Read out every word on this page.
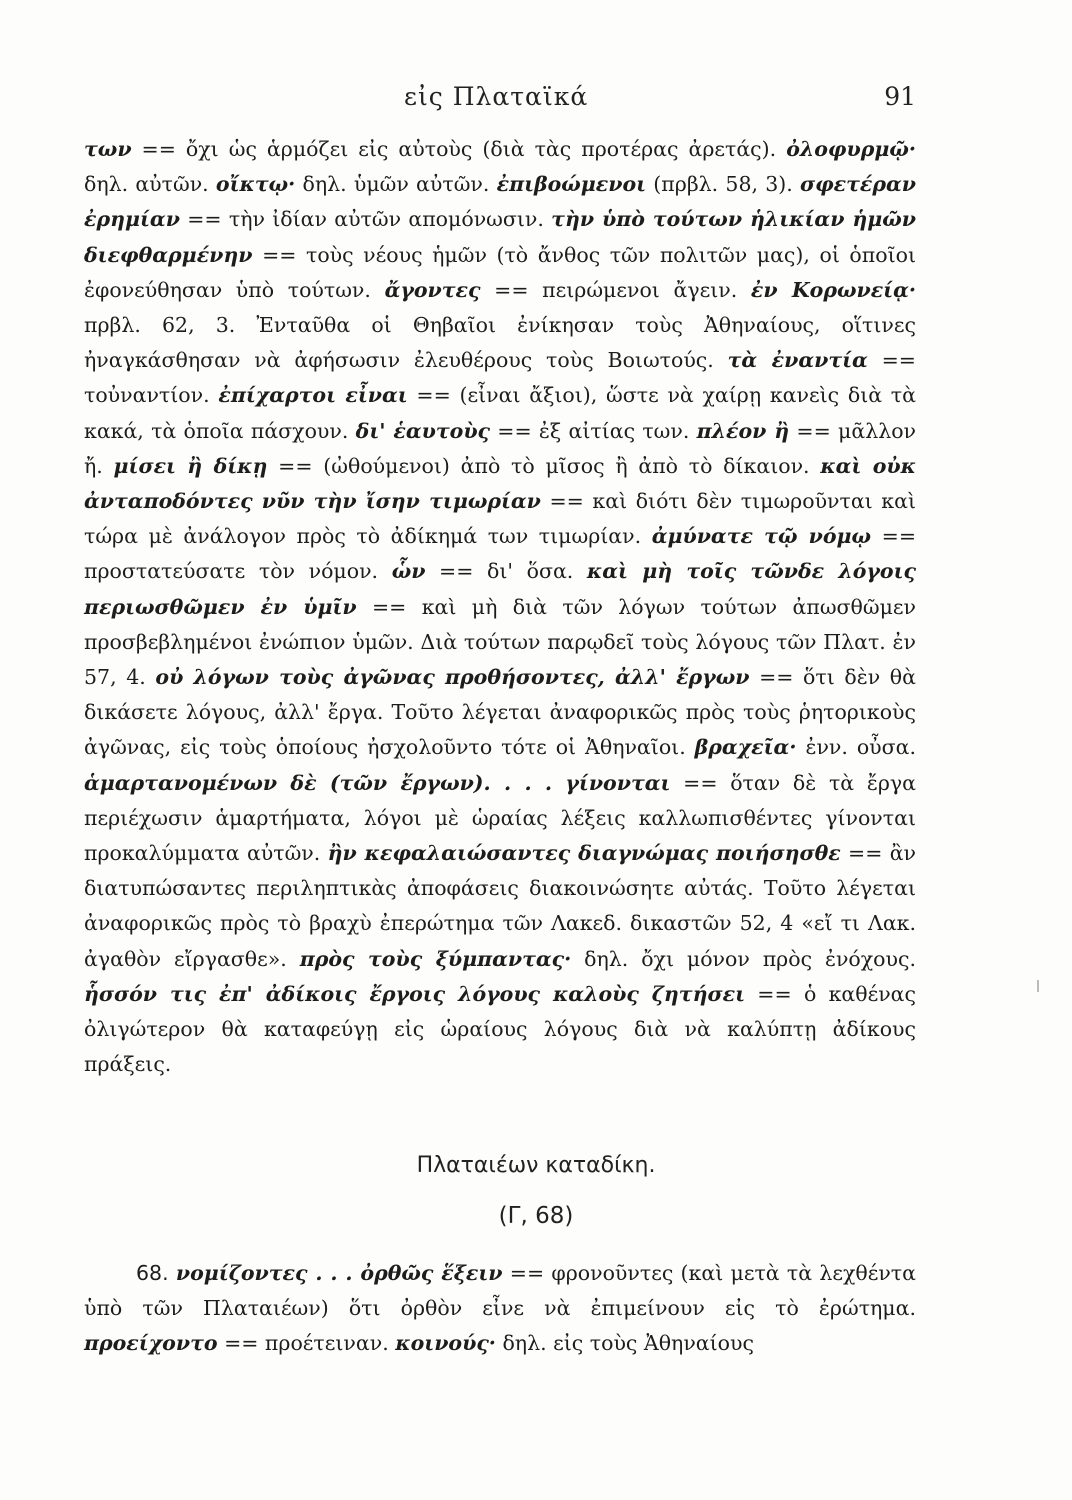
εἰς Πλαταϊκά	91

των == ὄχι ὡς ἁρμόζει εἰς αὐτοὺς (διὰ τὰς προτέρας ἀρετάς). ὀλοφυρμῷ· δηλ. αὐτῶν. οἴκτῳ· δηλ. ὑμῶν αὐτῶν. ἐπιβοώμενοι (πρβλ. 58, 3). σφετέραν ἐρημίαν == τὴν ἰδίαν αὐτῶν απομόνωσιν. τὴν ὑπὸ τούτων ἡλικίαν ἡμῶν διεφθαρμένην == τοὺς νέους ἡμῶν (τὸ ἄνθος τῶν πολιτῶν μας), οἱ ὁποῖοι ἐφονεύθησαν ὑπὸ τούτων. ἄγοντες == πειρώμενοι ἄγειν. ἐν Κορωνείᾳ· πρβλ. 62, 3. Ἐνταῦθα οἱ Θηβαῖοι ἐνίκησαν τοὺς Ἀθηναίους, οἵτινες ἠναγκάσθησαν νὰ ἀφήσωσιν ἐλευθέρους τοὺς Βοιωτούς. τὰ ἐναντία == τοὐναντίον. ἐπίχαρτοι εἶναι == (εἶναι ἄξιοι), ὥστε νὰ χαίρῃ κανεὶς διὰ τὰ κακά, τὰ ὁποῖα πάσχουν. δι' ἑαυτοὺς == ἐξ αἰτίας των. πλέον ἢ == μᾶλλον ἤ. μίσει ἢ δίκῃ == (ὠθούμενοι) ἀπὸ τὸ μῖσος ἢ ἀπὸ τὸ δίκαιον. καὶ οὐκ ἀνταποδόντες νῦν τὴν ἴσην τιμωρίαν == καὶ διότι δὲν τιμωροῦνται καὶ τώρα μὲ ἀνάλογον πρὸς τὸ ἀδίκημά των τιμωρίαν. ἀμύνατε τῷ νόμῳ == προστατεύσατε τὸν νόμον. ὧν == δι' ὅσα. καὶ μὴ τοῖς τῶνδε λόγοις περιωσθῶμεν ἐν ὑμῖν == καὶ μὴ διὰ τῶν λόγων τούτων ἀπωσθῶμεν προσβεβλημένοι ἐνώπιον ὑμῶν. Διὰ τούτων παρῳδεῖ τοὺς λόγους τῶν Πλατ. ἐν 57, 4. οὐ λόγων τοὺς ἀγῶνας προθήσοντες, ἀλλ' ἔργων == ὅτι δὲν θὰ δικάσετε λόγους, ἀλλ' ἔργα. Τοῦτο λέγεται ἀναφορικῶς πρὸς τοὺς ῥητορικοὺς ἀγῶνας, εἰς τοὺς ὁποίους ἠσχολοῦντο τότε οἱ Ἀθηναῖοι. βραχεῖα· ἐνν. οὖσα. ἁμαρτανομένων δὲ (τῶν ἔργων). . . . γίνονται == ὅταν δὲ τὰ ἔργα περιέχωσιν ἁμαρτήματα, λόγοι μὲ ὡραίας λέξεις καλλωπισθέντες γίνονται προκαλύμματα αὐτῶν. ἢν κεφαλαιώσαντες διαγνώμας ποιήσησθε == ἂν διατυπώσαντες περιληπτικὰς ἀποφάσεις διακοινώσητε αὐτάς. Τοῦτο λέγεται ἀναφορικῶς πρὸς τὸ βραχὺ ἐπερώτημα τῶν Λακεδ. δικαστῶν 52, 4 «εἴ τι Λακ. ἀγαθὸν εἴργασθε». πρὸς τοὺς ξύμπαντας· δηλ. ὄχι μόνον πρὸς ἐνόχους. ἧσσόν τις ἐπ' ἀδίκοις ἔργοις λόγους καλοὺς ζητήσει == ὁ καθένας ὀλιγώτερον θὰ καταφεύγῃ εἰς ὡραίους λόγους διὰ νὰ καλύπτῃ ἀδίκους πράξεις.

Πλαταιέων καταδίκη.
(Γ, 68)

68. νομίζοντες . . . ὀρθῶς ἕξειν == φρονοῦντες (καὶ μετὰ τὰ λεχθέντα ὑπὸ τῶν Πλαταιέων) ὅτι ὀρθὸν εἶνε νὰ ἐπιμείνουν εἰς τὸ ἐρώτημα. προείχοντο == προέτειναν. κοινούς· δηλ. εἰς τοὺς Ἀθηναίους
